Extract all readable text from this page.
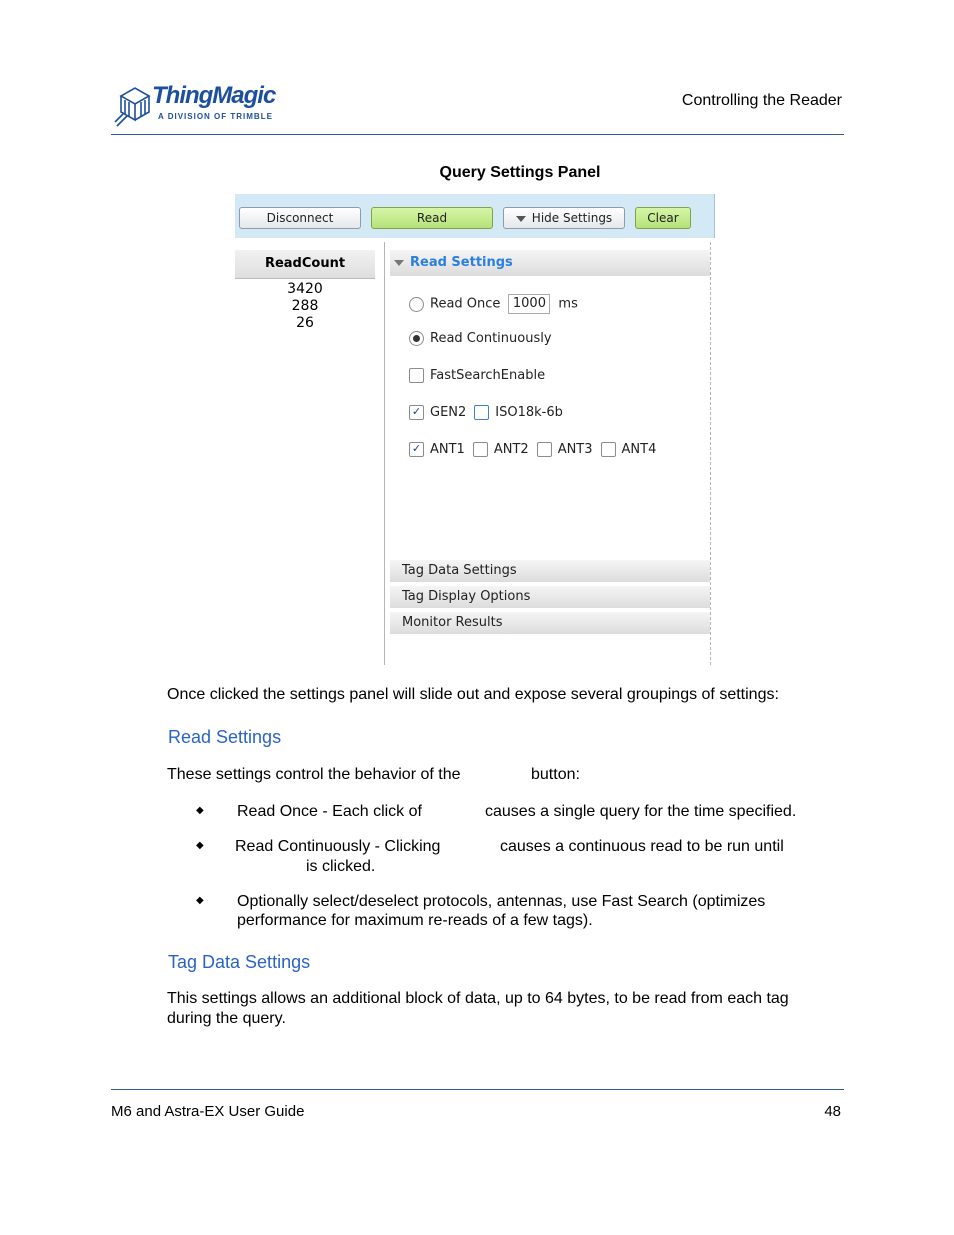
ThingMagic
A DIVISION OF TRIMBLE
Controlling the Reader
Query Settings Panel
Disconnect	Read	Hide Settings	Clear
ReadCount
3420
288
26
Read Settings
Read Once 1000 ms
Read Continuously
FastSearchEnable
✓ GEN2 ISO18k-6b
✓ ANT1 ANT2 ANT3 ANT4
Tag Data Settings
Tag Display Options
Monitor Results
Once clicked the settings panel will slide out and expose several groupings of settings:
Read Settings
These settings control the behavior of the	button:
◆ Read Once - Each click of	causes a single query for the time specified.
◆ Read Continuously - Clicking	causes a continuous read to be run until
is clicked.
◆ Optionally select/deselect protocols, antennas, use Fast Search (optimizes
performance for maximum re-reads of a few tags).
Tag Data Settings
This settings allows an additional block of data, up to 64 bytes, to be read from each tag
during the query.
M6 and Astra-EX User Guide	48
